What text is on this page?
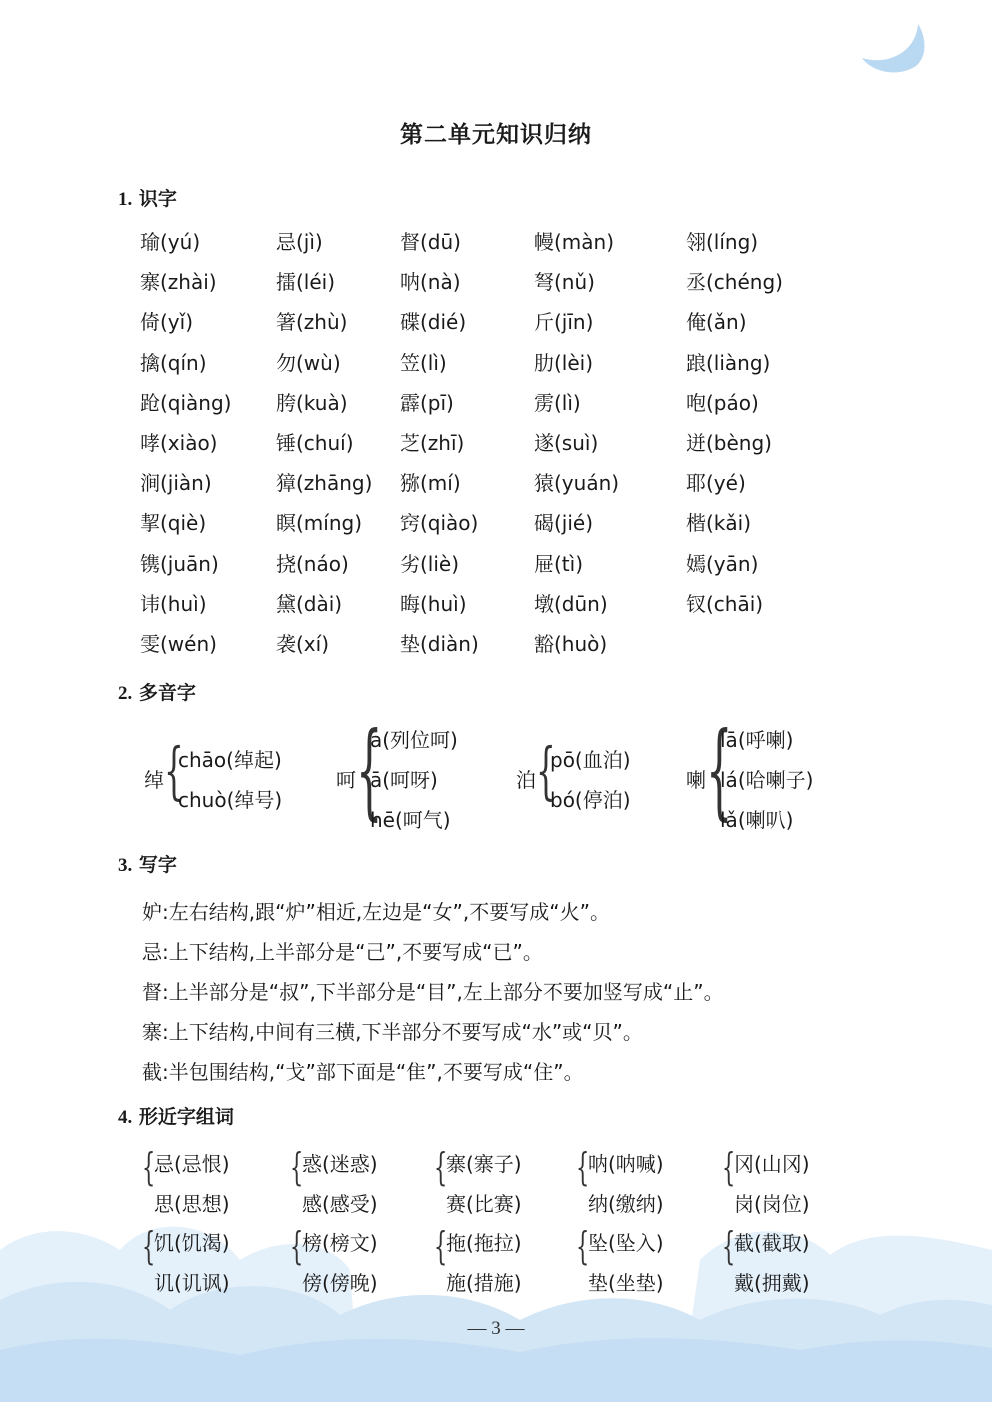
第二单元知识归纳
1. 识字
瑜(yú)	忌(jì)	督(dū)	幔(màn)	翎(líng)
寨(zhài)	擂(léi)	呐(nà)	弩(nǔ)	丞(chéng)
倚(yǐ)	箸(zhù)	碟(dié)	斤(jīn)	俺(ǎn)
擒(qín)	勿(wù)	笠(lì)	肋(lèi)	踉(liàng)
跄(qiàng) 胯(kuà)	霹(pī)	雳(lì)	咆(páo)
哮(xiào)	锤(chuí) 芝(zhī)	遂(suì)	迸(bèng)
涧(jiàn)	獐(zhāng) 猕(mí)	猿(yuán)	耶(yé)
挈(qiè)	瞑(míng) 窍(qiào)	碣(jié)	楷(kǎi)
镌(juān)	挠(náo)	劣(liè)	屉(tì)	嫣(yān)
讳(huì)	黛(dài)	晦(huì)	墩(dūn)	钗(chāi)
雯(wén)	袭(xí)	垫(diàn)	豁(huò)
2. 多音字
绰 {
chāo(绰起)
chuò(绰号)
呵 {
a(列位呵)
ā(呵呀)
hē(呵气)
泊 {
pō(血泊)
bó(停泊)
喇 {
lā(呼喇)
lá(哈喇子)
lǎ(喇叭)
3. 写字
妒:左右结构,跟“炉”相近,左边是“女”,不要写成“火”。
忌:上下结构,上半部分是“己”,不要写成“已”。
督:上半部分是“叔”,下半部分是“目”,左上部分不要加竖写成“止”。
寨:上下结构,中间有三横,下半部分不要写成“水”或“贝”。
截:半包围结构,“戈”部下面是“隹”,不要写成“住”。
4. 形近字组词
{
忌(忌恨)
思(思想)
{
惑(迷惑)
感(感受)
{
寨(寨子)
赛(比赛)
{
呐(呐喊)
纳(缴纳)
{
冈(山冈)
岗(岗位)
{
饥(饥渴)
讥(讥讽)
{
榜(榜文)
傍(傍晚)
{
拖(拖拉)
施(措施)
{
坠(坠入)
垫(坐垫)
{
截(截取)
戴(拥戴)
— 3 —
